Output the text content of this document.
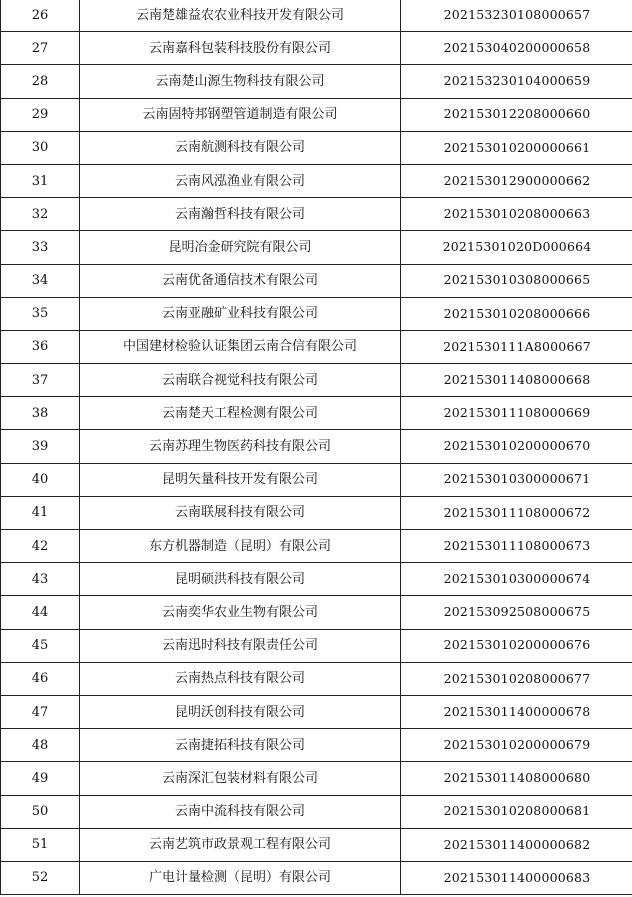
26	云南楚雄益农农业科技开发有限公司	202153230108000657
27	云南嘉科包装科技股份有限公司	202153040200000658
28	云南楚山源生物科技有限公司	202153230104000659
29	云南固特邦钢塑管道制造有限公司	202153012208000660
30	云南航测科技有限公司	202153010200000661
31	云南风泓渔业有限公司	202153012900000662
32	云南瀚哲科技有限公司	202153010208000663
33	昆明冶金研究院有限公司	20215301020D000664
34	云南优备通信技术有限公司	202153010308000665
35	云南亚融矿业科技有限公司	202153010208000666
36	中国建材检验认证集团云南合信有限公司	2021530111A8000667
37	云南联合视觉科技有限公司	202153011408000668
38	云南楚天工程检测有限公司	202153011108000669
39	云南苏理生物医药科技有限公司	202153010200000670
40	昆明矢量科技开发有限公司	202153010300000671
41	云南联展科技有限公司	202153011108000672
42	东方机器制造（昆明）有限公司	202153011108000673
43	昆明硕洪科技有限公司	202153010300000674
44	云南奕华农业生物有限公司	202153092508000675
45	云南迅时科技有限责任公司	202153010200000676
46	云南热点科技有限公司	202153010208000677
47	昆明沃创科技有限公司	202153011400000678
48	云南捷拓科技有限公司	202153010200000679
49	云南深汇包装材料有限公司	202153011408000680
50	云南中流科技有限公司	202153010208000681
51	云南艺筑市政景观工程有限公司	202153011400000682
52	广电计量检测（昆明）有限公司	202153011400000683
